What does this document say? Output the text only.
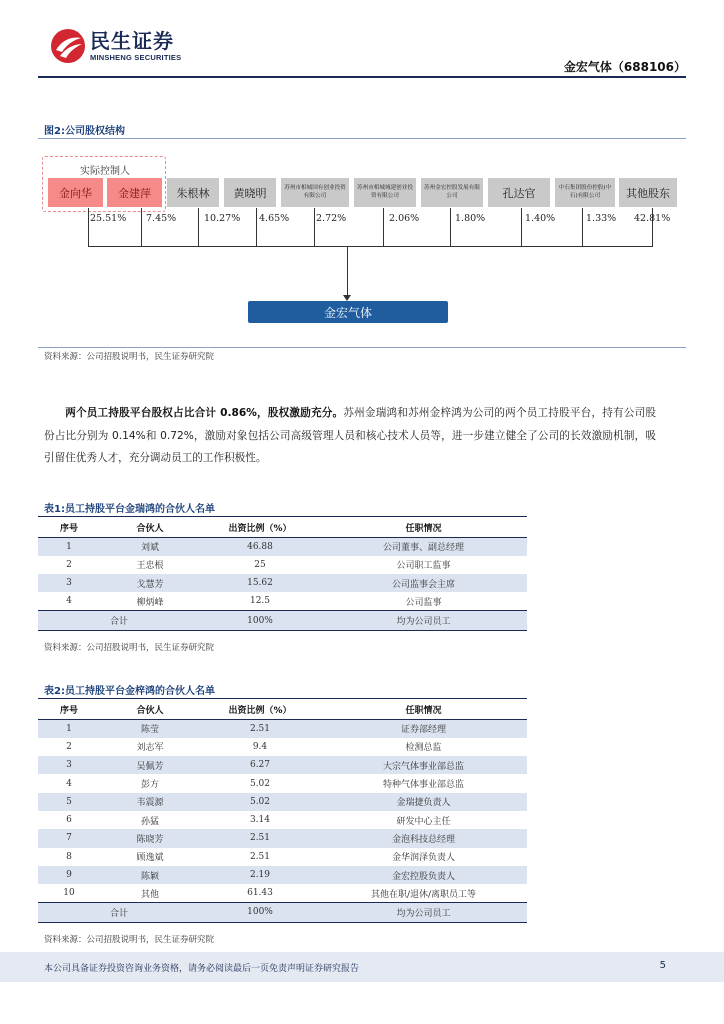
民生证券
MINSHENG SECURITIES
金宏气体（688106）
图2:公司股权结构
实际控制人
金向华	金建萍	朱根林	黄晓明	苏州市相城国有创业投资有限公司
苏州市相城城建创业投资有限公司
苏州金宏控股发展有限公司	孔达官	中石集团股份控股(中石)有限公司	其他股东
25.51% 7.45%	10.27% 4.65%	2.72%	2.06%	1.80%	1.40%	1.33% 42.81%
金宏气体
资料来源：公司招股说明书，民生证券研究院
两个员工持股平台股权占比合计 0.86%，股权激励充分。苏州金瑞鸿和苏州金梓鸿为公司的两个员工持股平台，持有公司股份占比分别为 0.14%和 0.72%，激励对象包括公司高级管理人员和核心技术人员等，进一步建立健全了公司的长效激励机制，吸引留住优秀人才，充分调动员工的工作积极性。
表1:员工持股平台金瑞鸿的合伙人名单
序号	合伙人	出资比例（%）	任职情况
1	刘斌	46.88	公司董事、副总经理
2	王忠根	25	公司职工监事
3	戈慧芳	15.62	公司监事会主席
4	柳炳峰	12.5	公司监事
合计		100%	均为公司员工
资料来源：公司招股说明书，民生证券研究院
表2:员工持股平台金梓鸿的合伙人名单
序号	合伙人	出资比例（%）	任职情况
1	陈莹	2.51	证券部经理
2	刘志军	9.4	检测总监
3	吴佩芳	6.27	大宗气体事业部总监
4	彭方	5.02	特种气体事业部总监
5	韦震源	5.02	金瑞捷负责人
6	孙猛	3.14	研发中心主任
7	陈晓芳	2.51	金泡科技总经理
8	顾逸斌	2.51	金华润泽负责人
9	陈颖	2.19	金宏控股负责人
10	其他	61.43	其他在职/退休/离职员工等
合计		100%	均为公司员工
资料来源：公司招股说明书，民生证券研究院
本公司具备证券投资咨询业务资格，请务必阅读最后一页免责声明证券研究报告	5
